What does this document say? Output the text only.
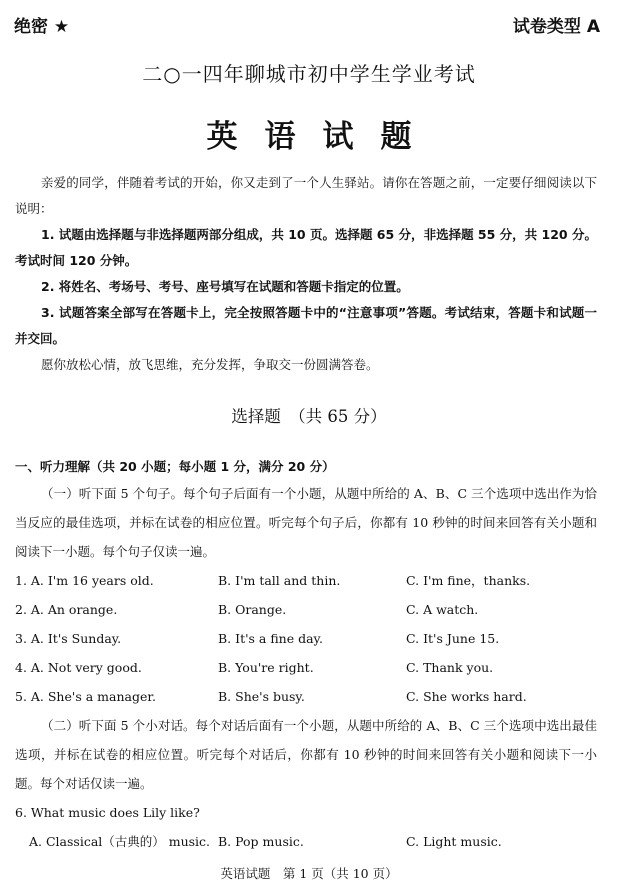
绝密 ★	试卷类型 A
二○一四年聊城市初中学生学业考试
英语试题

亲爱的同学，伴随着考试的开始，你又走到了一个人生驿站。请你在答题之前，一定要仔细阅读以下说明：

1. 试题由选择题与非选择题两部分组成，共 10 页。选择题 65 分，非选择题 55 分，共 120 分。考试时间 120 分钟。

2. 将姓名、考场号、考号、座号填写在试题和答题卡指定的位置。

3. 试题答案全部写在答题卡上，完全按照答题卡中的“注意事项”答题。考试结束，答题卡和试题一并交回。

愿你放松心情，放飞思维，充分发挥，争取交一份圆满答卷。

选择题　（共 65 分）

一、听力理解（共 20 小题；每小题 1 分，满分 20 分）

（一）听下面 5 个句子。每个句子后面有一个小题，从题中所给的 A、B、C 三个选项中选出作为恰当反应的最佳选项，并标在试卷的相应位置。听完每个句子后，你都有 10 秒钟的时间来回答有关小题和阅读下一小题。每个句子仅读一遍。

1. A. I'm 16 years old.	B. I'm tall and thin.	C. I'm fine，thanks.
2. A. An orange.	B. Orange.	C. A watch.
3. A. It's Sunday.	B. It's a fine day.	C. It's June 15.
4. A. Not very good.	B. You're right.	C. Thank you.
5. A. She's a manager.	B. She's busy.	C. She works hard.

（二）听下面 5 个小对话。每个对话后面有一个小题，从题中所给的 A、B、C 三个选项中选出最佳选项，并标在试卷的相应位置。听完每个对话后，你都有 10 秒钟的时间来回答有关小题和阅读下一小题。每个对话仅读一遍。

6. What music does Lily like?
A. Classical（古典的） music. B. Pop music.	C. Light music.
英语试题　第 1 页（共 10 页）
